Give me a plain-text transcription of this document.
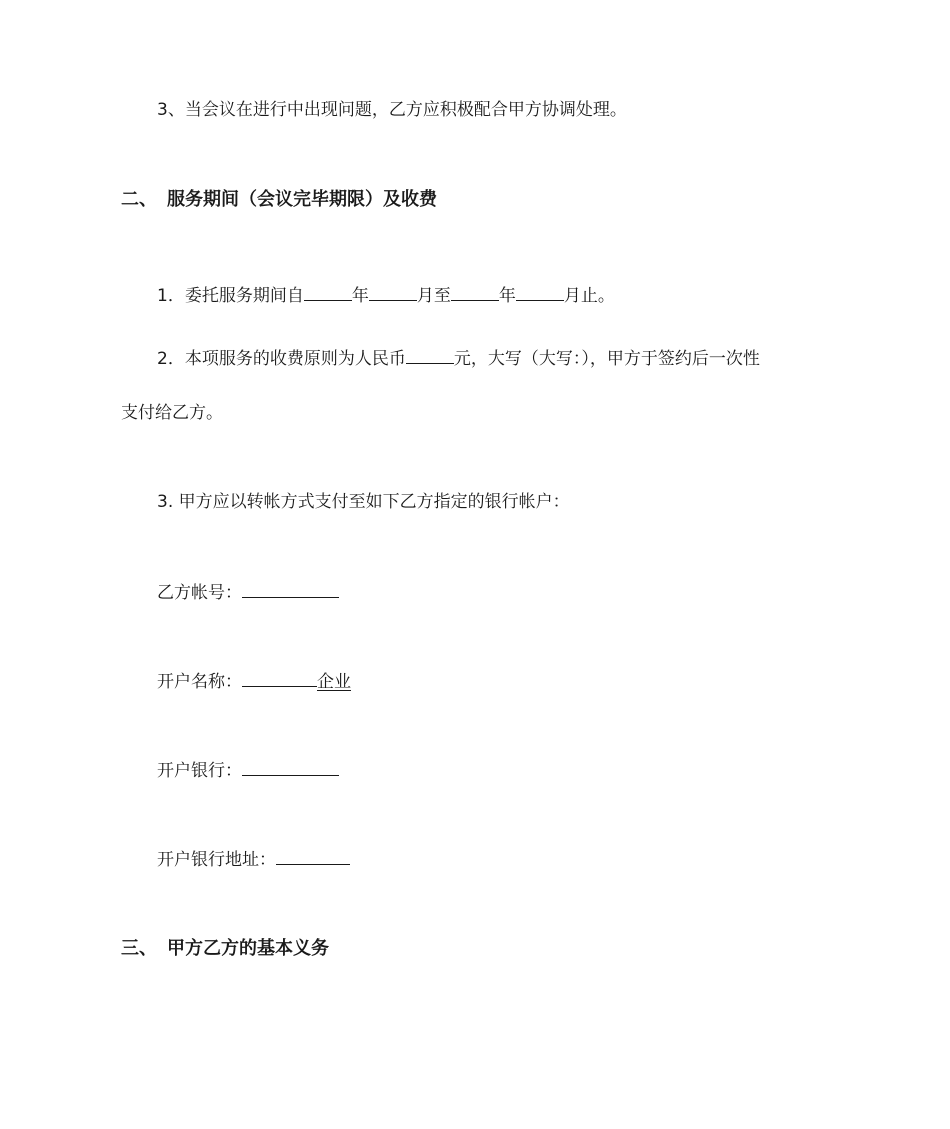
3、当会议在进行中出现问题，乙方应积极配合甲方协调处理。
二、 服务期间（会议完毕期限）及收费
1．委托服务期间自	年	月至	年	月止。
2．本项服务的收费原则为人民币	元，大写（大写：），甲方于签约后一次性
支付给乙方。
3. 甲方应以转帐方式支付至如下乙方指定的银行帐户：
乙方帐号：
开户名称：	企业
开户银行：
开户银行地址：
三、 甲方乙方的基本义务
